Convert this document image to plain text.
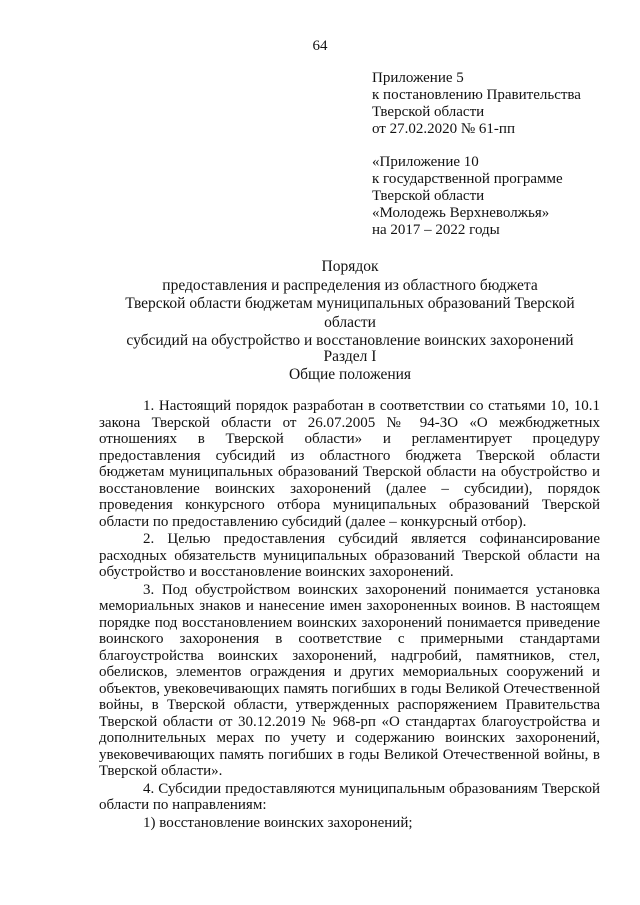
64
Приложение 5
к постановлению Правительства
Тверской области
от 27.02.2020 № 61-пп
«Приложение 10
к государственной программе
Тверской области
«Молодежь Верхневолжья»
на 2017 – 2022 годы
Порядок
предоставления и распределения из областного бюджета
Тверской области бюджетам муниципальных образований Тверской области
субсидий на обустройство и восстановление воинских захоронений
Раздел I
Общие положения

1. Настоящий порядок разработан в соответствии со статьями 10, 10.1 закона Тверской области от 26.07.2005 № 94-ЗО «О межбюджетных отношениях в Тверской области» и регламентирует процедуру предоставления субсидий из областного бюджета Тверской области бюджетам муниципальных образований Тверской области на обустройство и восстановление воинских захоронений (далее – субсидии), порядок проведения конкурсного отбора муниципальных образований Тверской области по предоставлению субсидий (далее – конкурсный отбор).

2. Целью предоставления субсидий является софинансирование расходных обязательств муниципальных образований Тверской области на обустройство и восстановление воинских захоронений.

3. Под обустройством воинских захоронений понимается установка мемориальных знаков и нанесение имен захороненных воинов. В настоящем порядке под восстановлением воинских захоронений понимается приведение воинского захоронения в соответствие с примерными стандартами благоустройства воинских захоронений, надгробий, памятников, стел, обелисков, элементов ограждения и других мемориальных сооружений и объектов, увековечивающих память погибших в годы Великой Отечественной войны, в Тверской области, утвержденных распоряжением Правительства Тверской области от 30.12.2019 № 968-рп «О стандартах благоустройства и дополнительных мерах по учету и содержанию воинских захоронений, увековечивающих память погибших в годы Великой Отечественной войны, в Тверской области».

4. Субсидии предоставляются муниципальным образованиям Тверской области по направлениям:

1) восстановление воинских захоронений;
